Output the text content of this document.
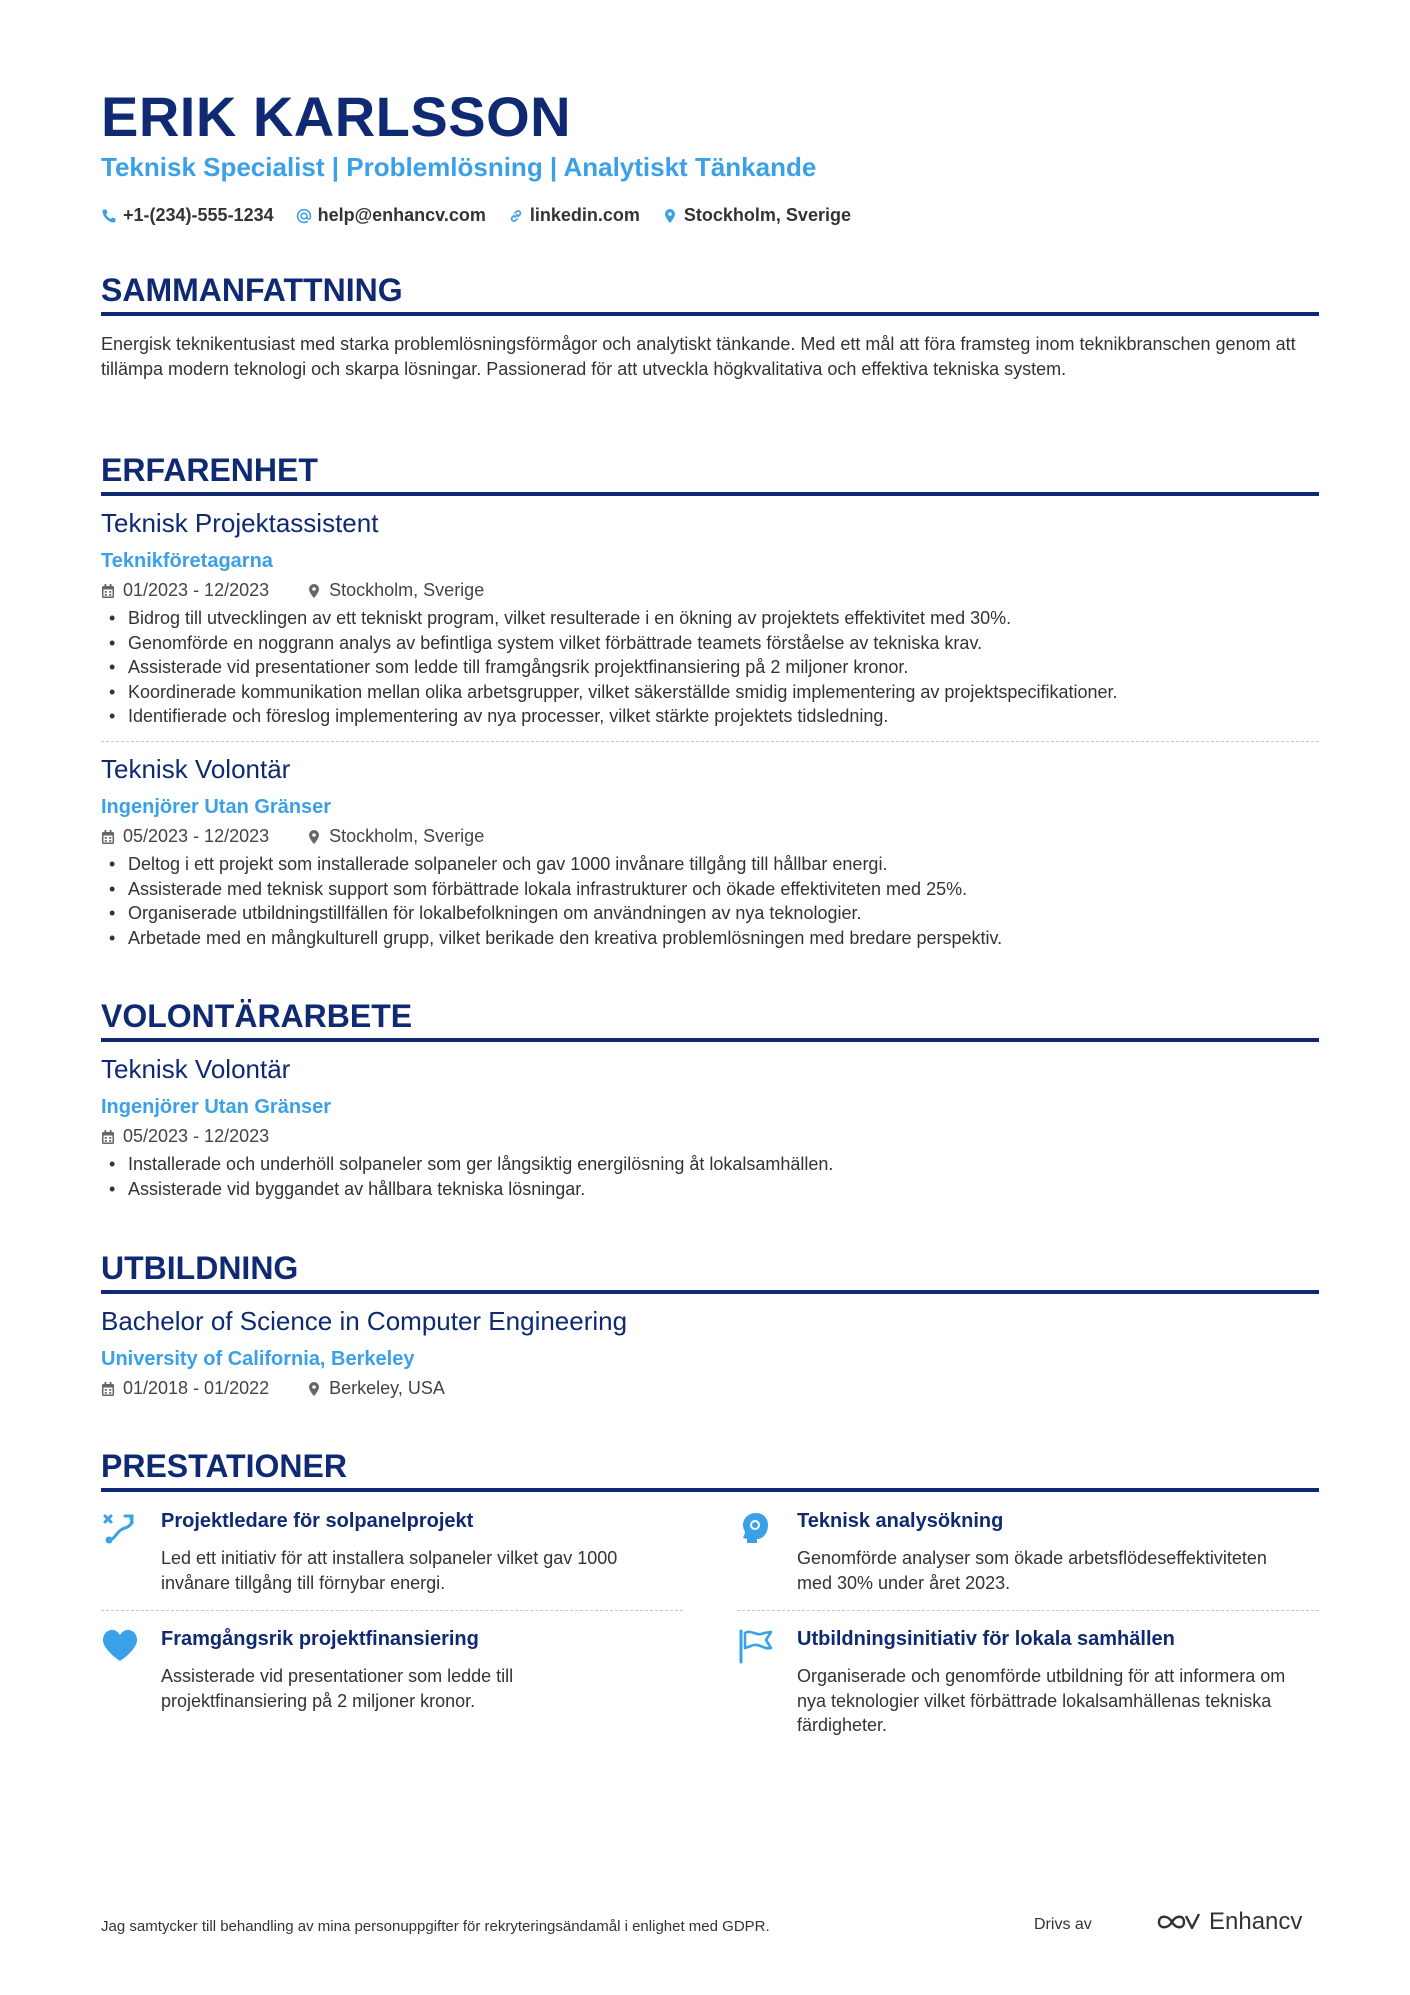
ERIK KARLSSON
Teknisk Specialist | Problemlösning | Analytiskt Tänkande
+1-(234)-555-1234 help@enhancv.com linkedin.com Stockholm, Sverige
SAMMANFATTNING
Energisk teknikentusiast med starka problemlösningsförmågor och analytiskt tänkande. Med ett mål att föra framsteg inom teknikbranschen genom att tillämpa modern teknologi och skarpa lösningar. Passionerad för att utveckla högkvalitativa och effektiva tekniska system.
ERFARENHET
Teknisk Projektassistent
Teknikföretagarna
01/2023 - 12/2023	Stockholm, Sverige
• Bidrog till utvecklingen av ett tekniskt program, vilket resulterade i en ökning av projektets effektivitet med 30%.
• Genomförde en noggrann analys av befintliga system vilket förbättrade teamets förståelse av tekniska krav.
• Assisterade vid presentationer som ledde till framgångsrik projektfinansiering på 2 miljoner kronor.
• Koordinerade kommunikation mellan olika arbetsgrupper, vilket säkerställde smidig implementering av projektspecifikationer.
• Identifierade och föreslog implementering av nya processer, vilket stärkte projektets tidsledning.
Teknisk Volontär
Ingenjörer Utan Gränser
05/2023 - 12/2023	Stockholm, Sverige
• Deltog i ett projekt som installerade solpaneler och gav 1000 invånare tillgång till hållbar energi.
• Assisterade med teknisk support som förbättrade lokala infrastrukturer och ökade effektiviteten med 25%.
• Organiserade utbildningstillfällen för lokalbefolkningen om användningen av nya teknologier.
• Arbetade med en mångkulturell grupp, vilket berikade den kreativa problemlösningen med bredare perspektiv.
VOLONTÄRARBETE
Teknisk Volontär
Ingenjörer Utan Gränser
05/2023 - 12/2023
• Installerade och underhöll solpaneler som ger långsiktig energilösning åt lokalsamhällen.
• Assisterade vid byggandet av hållbara tekniska lösningar.
UTBILDNING
Bachelor of Science in Computer Engineering
University of California, Berkeley
01/2018 - 01/2022	Berkeley, USA
PRESTATIONER
Projektledare för solpanelprojekt
Led ett initiativ för att installera solpaneler vilket gav 1000 invånare tillgång till förnybar energi.
Teknisk analysökning
Genomförde analyser som ökade arbetsflödeseffektiviteten med 30% under året 2023.
Framgångsrik projektfinansiering
Assisterade vid presentationer som ledde till projektfinansiering på 2 miljoner kronor.
Utbildningsinitiativ för lokala samhällen
Organiserade och genomförde utbildning för att informera om nya teknologier vilket förbättrade lokalsamhällenas tekniska färdigheter.
Jag samtycker till behandling av mina personuppgifter för rekryteringsändamål i enlighet med GDPR.	Drivs av	Enhancv
